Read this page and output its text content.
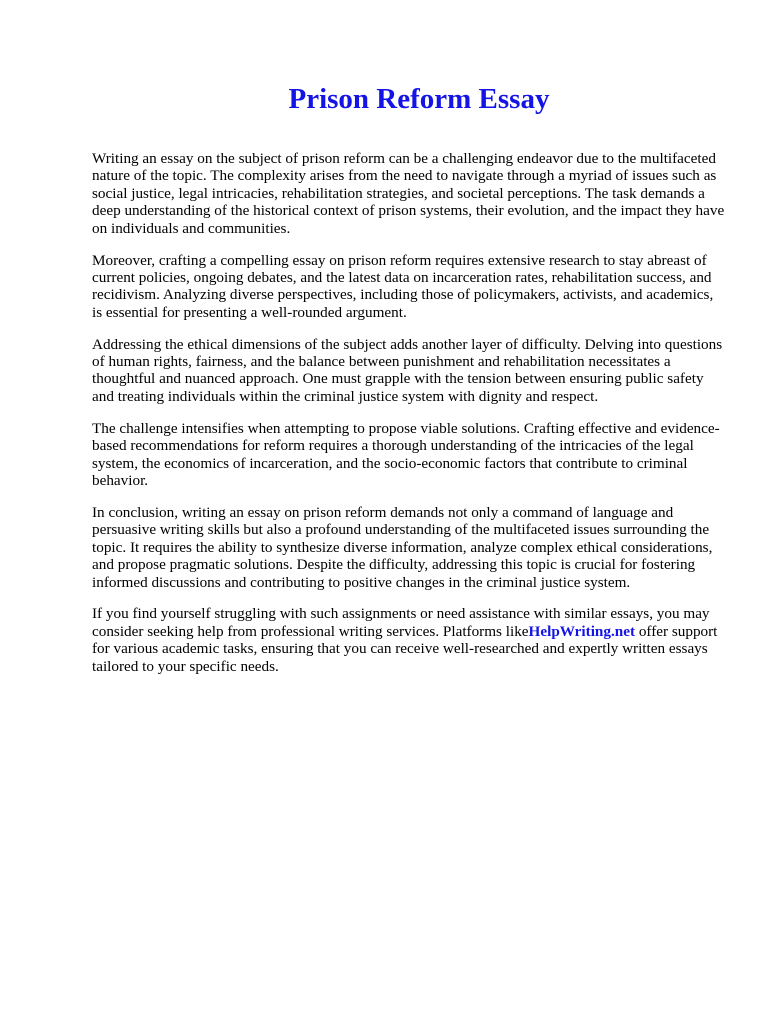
Prison Reform Essay

Writing an essay on the subject of prison reform can be a challenging endeavor due to the multifaceted nature of the topic. The complexity arises from the need to navigate through a myriad of issues such as social justice, legal intricacies, rehabilitation strategies, and societal perceptions. The task demands a deep understanding of the historical context of prison systems, their evolution, and the impact they have on individuals and communities.

Moreover, crafting a compelling essay on prison reform requires extensive research to stay abreast of current policies, ongoing debates, and the latest data on incarceration rates, rehabilitation success, and recidivism. Analyzing diverse perspectives, including those of policymakers, activists, and academics, is essential for presenting a well-rounded argument.

Addressing the ethical dimensions of the subject adds another layer of difficulty. Delving into questions of human rights, fairness, and the balance between punishment and rehabilitation necessitates a thoughtful and nuanced approach. One must grapple with the tension between ensuring public safety and treating individuals within the criminal justice system with dignity and respect.

The challenge intensifies when attempting to propose viable solutions. Crafting effective and evidence-based recommendations for reform requires a thorough understanding of the intricacies of the legal system, the economics of incarceration, and the socio-economic factors that contribute to criminal behavior.

In conclusion, writing an essay on prison reform demands not only a command of language and persuasive writing skills but also a profound understanding of the multifaceted issues surrounding the topic. It requires the ability to synthesize diverse information, analyze complex ethical considerations, and propose pragmatic solutions. Despite the difficulty, addressing this topic is crucial for fostering informed discussions and contributing to positive changes in the criminal justice system.

If you find yourself struggling with such assignments or need assistance with similar essays, you may consider seeking help from professional writing services. Platforms likeHelpWriting.net offer support for various academic tasks, ensuring that you can receive well-researched and expertly written essays tailored to your specific needs.
